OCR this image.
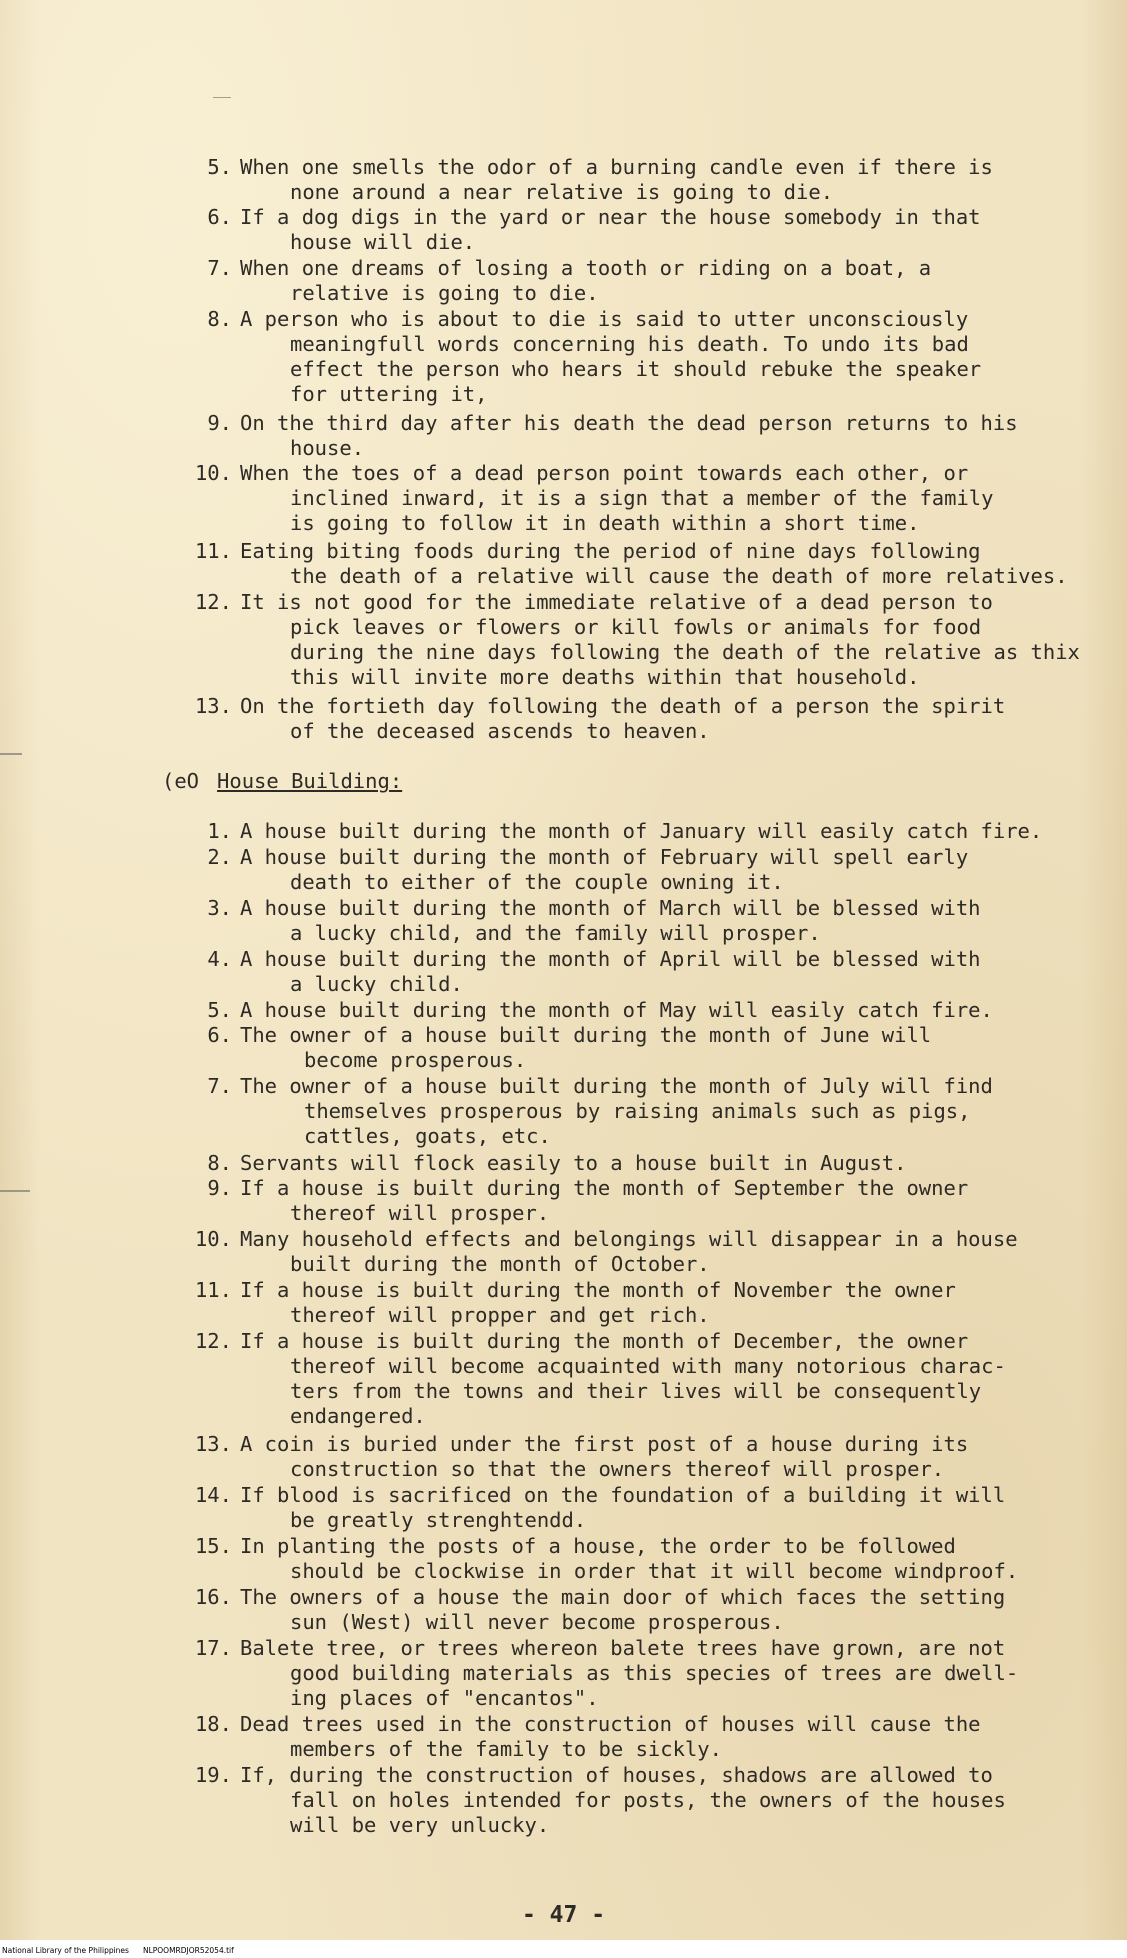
5. When one smells the odor of a burning candle even if there is
none around a near relative is going to die.
6. If a dog digs in the yard or near the house somebody in that
house will die.
7. When one dreams of losing a tooth or riding on a boat, a
relative is going to die.
8. A person who is about to die is said to utter unconsciously
meaningfull words concerning his death. To undo its bad
effect the person who hears it should rebuke the speaker
for uttering it,
9. On the third day after his death the dead person returns to his
house.
10. When the toes of a dead person point towards each other, or
inclined inward, it is a sign that a member of the family
is going to follow it in death within a short time.
11. Eating biting foods during the period of nine days following
the death of a relative will cause the death of more relatives.
12. It is not good for the immediate relative of a dead person to
pick leaves or flowers or kill fowls or animals for food
during the nine days following the death of the relative as thix
this will invite more deaths within that household.
13. On the fortieth day following the death of a person the spirit
of the deceased ascends to heaven.
(eO House Building:
1. A house built during the month of January will easily catch fire.
2. A house built during the month of February will spell early
death to either of the couple owning it.
3. A house built during the month of March will be blessed with
a lucky child, and the family will prosper.
4. A house built during the month of April will be blessed with
a lucky child.
5. A house built during the month of May will easily catch fire.
6. The owner of a house built during the month of June will
become prosperous.
7. The owner of a house built during the month of July will find
themselves prosperous by raising animals such as pigs,
cattles, goats, etc.
8. Servants will flock easily to a house built in August.
9. If a house is built during the month of September the owner
thereof will prosper.
10. Many household effects and belongings will disappear in a house
built during the month of October.
11. If a house is built during the month of November the owner
thereof will propper and get rich.
12. If a house is built during the month of December, the owner
thereof will become acquainted with many notorious charac-
ters from the towns and their lives will be consequently
endangered.
13. A coin is buried under the first post of a house during its
construction so that the owners thereof will prosper.
14. If blood is sacrificed on the foundation of a building it will
be greatly strenghtendd.
15. In planting the posts of a house, the order to be followed
should be clockwise in order that it will become windproof.
16. The owners of a house the main door of which faces the setting
sun (West) will never become prosperous.
17. Balete tree, or trees whereon balete trees have grown, are not
good building materials as this species of trees are dwell-
ing places of "encantos".
18. Dead trees used in the construction of houses will cause the
members of the family to be sickly.
19. If, during the construction of houses, shadows are allowed to
fall on holes intended for posts, the owners of the houses
will be very unlucky.
- 47 -
National Library of the Philippines NLPOOMRDJOR52054.tif
